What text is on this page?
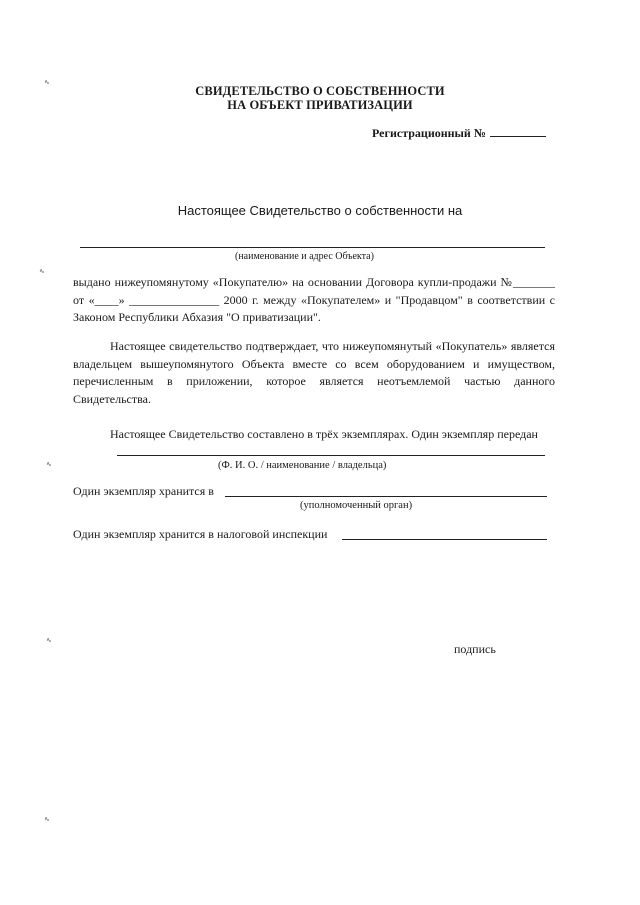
СВИДЕТЕЛЬСТВО О СОБСТВЕННОСТИ
НА ОБЪЕКТ ПРИВАТИЗАЦИИ
Регистрационный №
Настоящее Свидетельство о собственности на
(наименование и адрес Объекта)
выдано нижеупомянутому «Покупателю» на основании Договора купли-продажи №_______ от «____» _______________ 2000 г. между «Покупателем» и "Продавцом" в соответствии с Законом Республики Абхазия "О приватизации".
Настоящее свидетельство подтверждает, что нижеупомянутый «Покупатель» является владельцем вышеупомянутого Объекта вместе со всем оборудованием и имуществом, перечисленным в приложении, которое является неотъемлемой частью данного Свидетельства.
Настоящее Свидетельство составлено в трёх экземплярах. Один экземпляр передан
(Ф. И. О. / наименование / владельца)
Один экземпляр хранится в
(уполномоченный орган)
Один экземпляр хранится в налоговой инспекции
подпись
